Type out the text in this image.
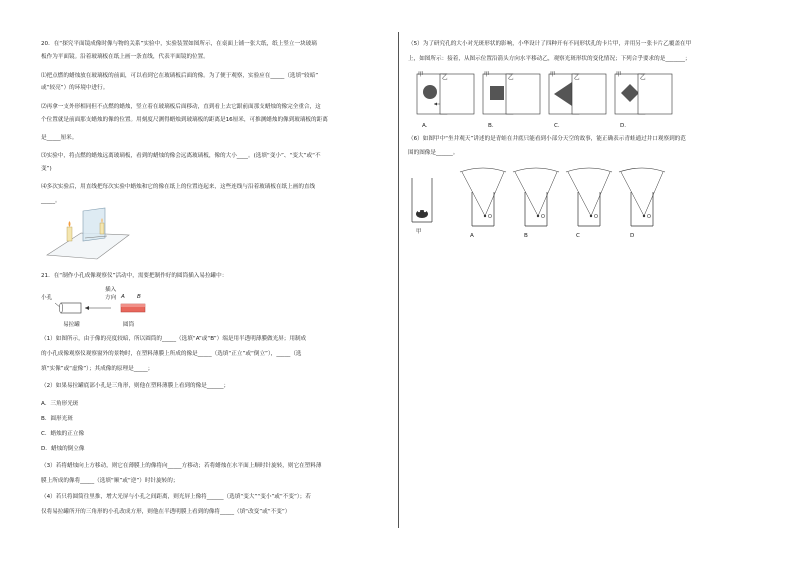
20．在“探究平面镜成像时像与物的关系”实验中，实验装置如图所示，在桌面上铺一张大纸，纸上竖立一块玻璃
板作为平面镜。沿着玻璃板在纸上画一条直线，代表平面镜的位置。
⑴把点燃的蜡烛放在玻璃板的前面，可以看到它在玻璃板后面的像。为了便于观察，实验应在_____（选填“较暗”
或“较亮”）的环境中进行。
⑵再拿一支外形相同但不点燃的蜡烛，竖立着在玻璃板后面移动，直到看上去它跟前面那支蜡烛的像完全重合，这
个位置就是前面那支蜡烛的像的位置。用刻度尺测得蜡烛到玻璃板的距离是16厘米，可推测蜡烛的像到玻璃板的距离
是_____厘米。
⑶实验中，将点燃的蜡烛远离玻璃板，看到的蜡烛的像会远离玻璃板，像的大小____。(选填“变小”、“变大”或“不
变”)
⑷多次实验后，用直线把每次实验中蜡烛和它的像在纸上的位置连起来，这些连线与沿着玻璃板在纸上画的直线
_____。
21．在“制作小孔成像观察仪”活动中，需要把制作好的圆筒插入易拉罐中：
小孔
插入
方向 A B
易拉罐	圆筒
（1）如图所示，由于像的亮度较暗，所以圆筒的_____（选填“A”或“B”）端是用半透明薄膜做光屏；用制成
的小孔成像观察仪观察窗外的景物时，在塑料薄膜上所成的像是_____（选填“正立”或“倒立”），_____（选
填“实像”或“虚像”）；其成像的原理是_____；
（2）如果易拉罐底部小孔是三角形，则他在塑料薄膜上看到的像是______；
A．三角形光斑
B．圆形光斑
C．蜡烛的正立像
D．蜡烛的倒立像
（3）若将蜡烛向上方移动，则它在薄膜上的像将向_____方移动；若将蜡烛在水平面上顺时针旋转，则它在塑料薄
膜上所成的像将_____（选填“顺”或“逆”）时针旋转的；
（4）若只将圆筒往里推，增大光屏与小孔之间距离，则光屏上像将______（选填“变大”“变小”或“不变”）；若
仅将易拉罐所开的三角形的小孔改成方形，则他在半透明膜上看到的像将_____（填“改变”或“不变”）
（5）为了研究孔的大小对光斑形状的影响，小华设计了四种开有不同形状孔的卡片甲，并用另一张卡片乙覆盖在甲
上，如图所示：接着，从图示位置沿箭头方向水平移动乙，观察光斑形状的变化情况；下列合乎要求的是_______；
甲	乙
A.
甲	乙
B.
甲	乙
C.
甲	乙
D.
（6）如图甲中“坐井观天”讲述的是青蛙在井底只能看到小部分天空的故事，能正确表示青蛙通过井口观察到的范
围的图像是______。
甲
O	O	O	O
A	B	C	D
